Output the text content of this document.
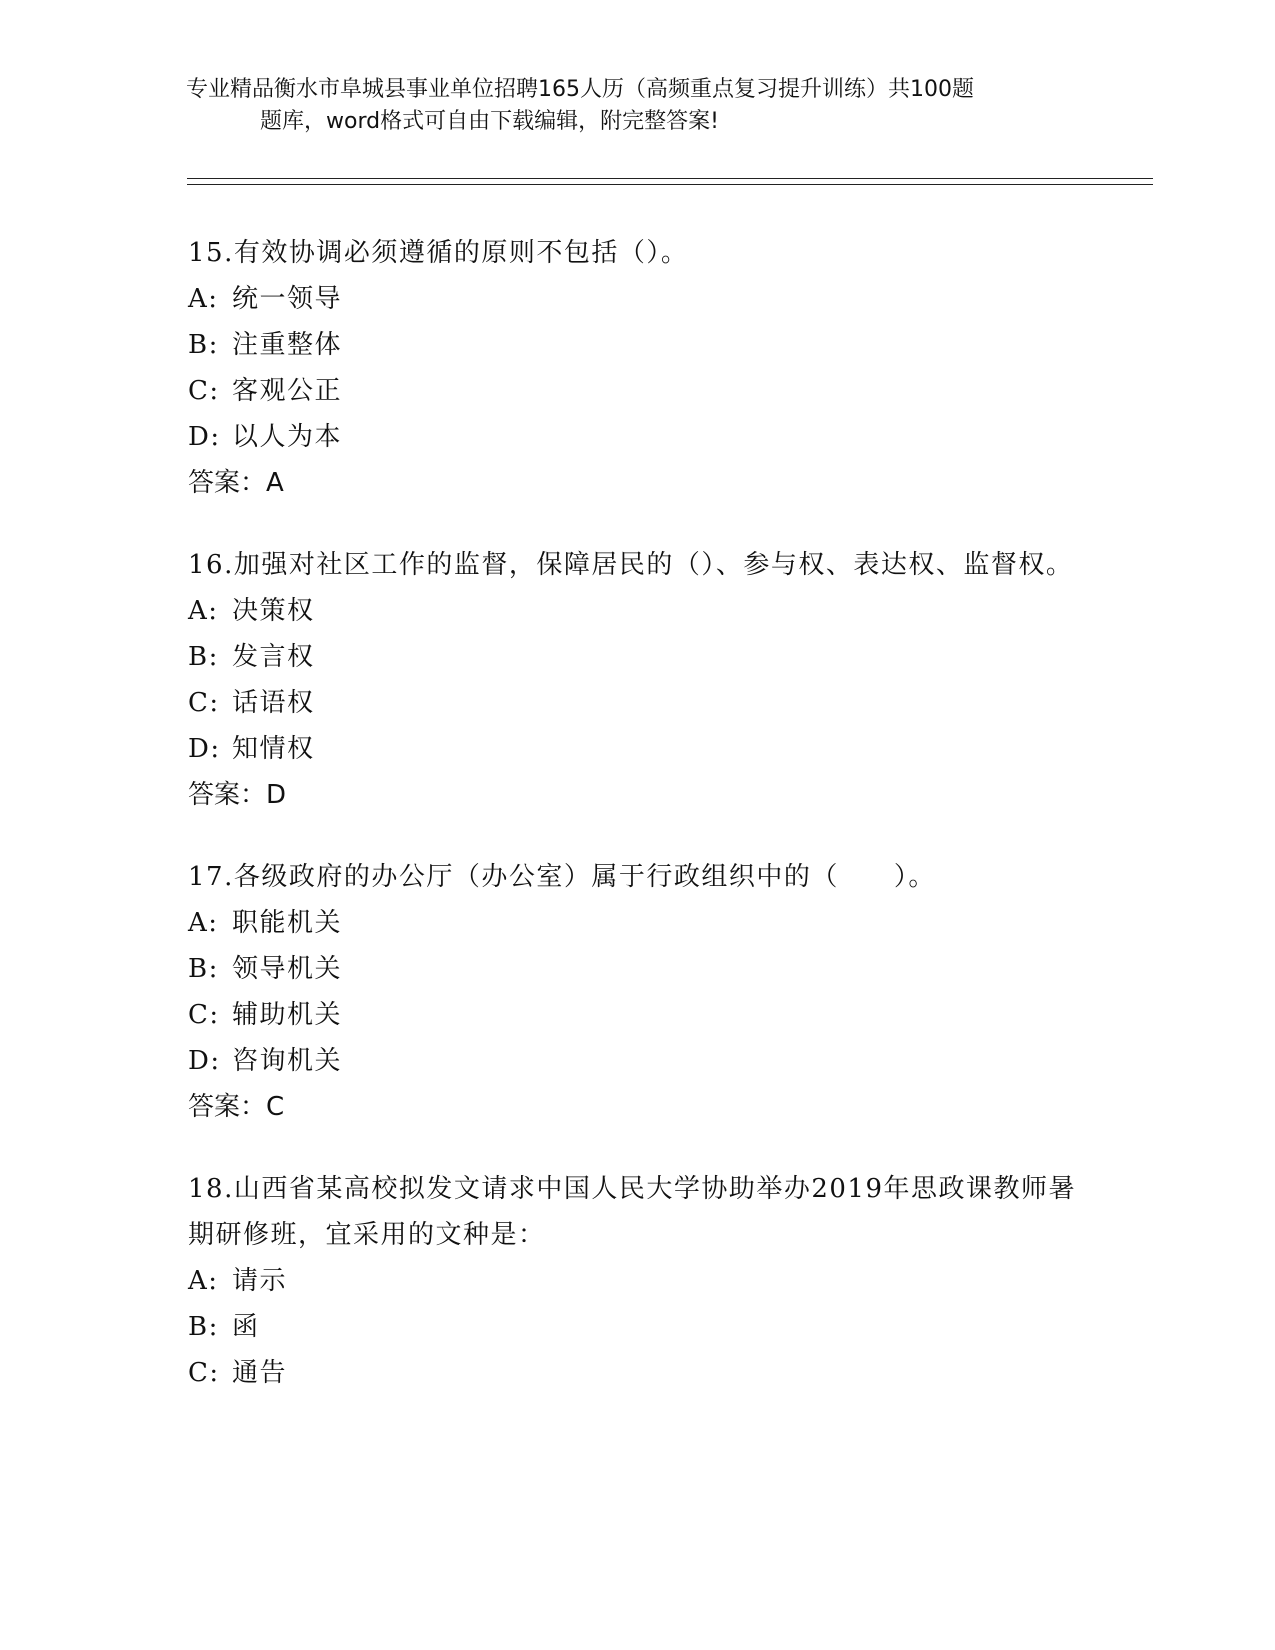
专业精品衡水市阜城县事业单位招聘165人历（高频重点复习提升训练）共100题
题库，word格式可自由下载编辑，附完整答案!
15.有效协调必须遵循的原则不包括（）。
A: 统一领导
B: 注重整体
C: 客观公正
D: 以人为本
答案：A
16.加强对社区工作的监督，保障居民的（）、参与权、表达权、监督权。
A: 决策权
B: 发言权
C: 话语权
D: 知情权
答案：D
17.各级政府的办公厅（办公室）属于行政组织中的（　　）。
A: 职能机关
B: 领导机关
C: 辅助机关
D: 咨询机关
答案：C
18.山西省某高校拟发文请求中国人民大学协助举办2019年思政课教师暑期研修班，宜采用的文种是：
A: 请示
B: 函
C: 通告
